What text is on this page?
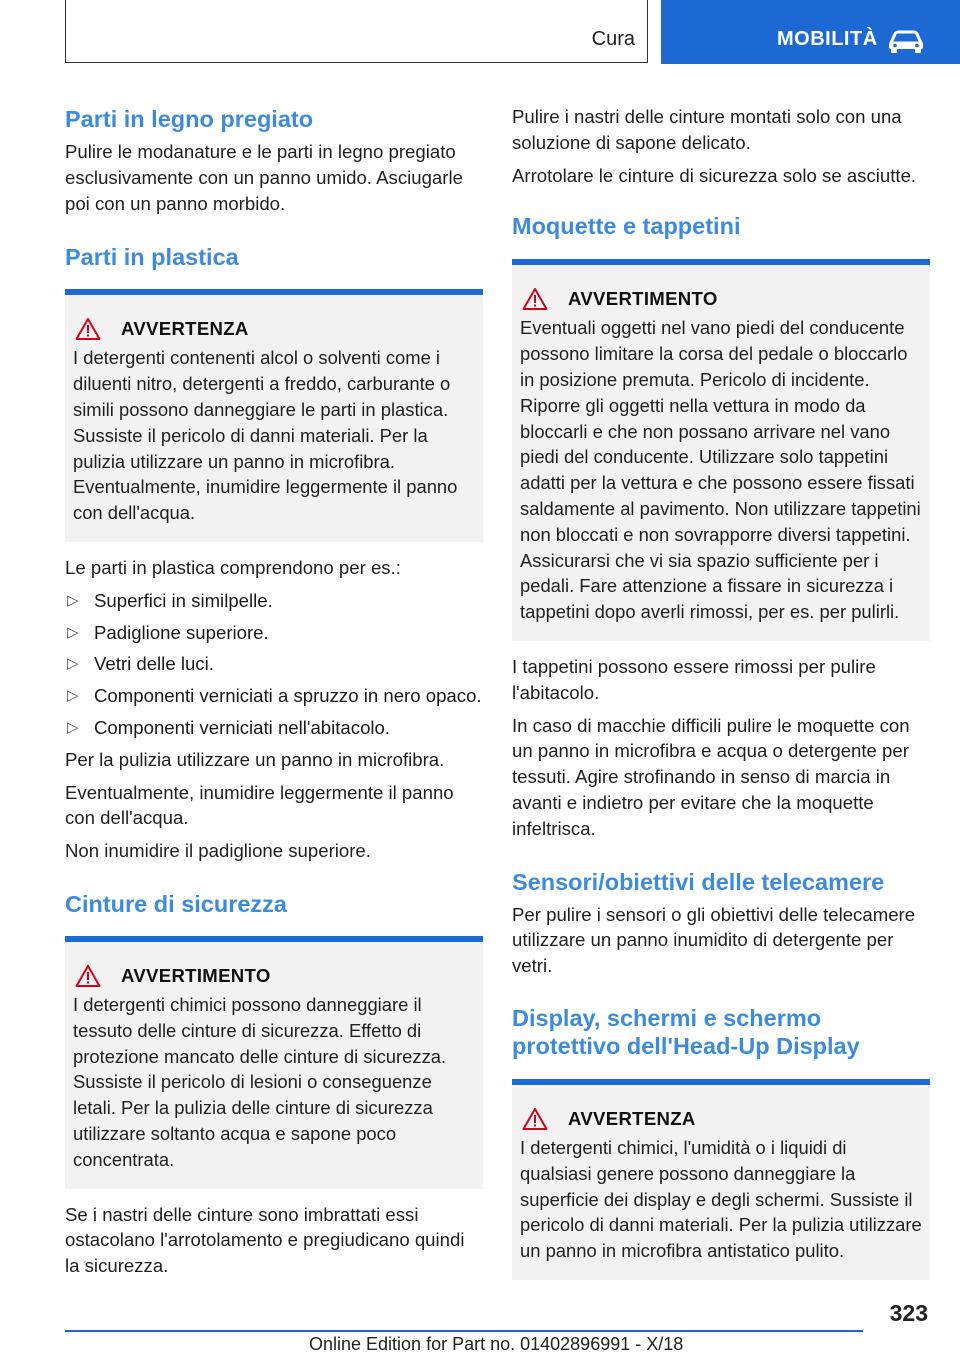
Cura	MOBILITÀ
Parti in legno pregiato

Pulire le modanature e le parti in legno pregiato esclusivamente con un panno umido. Asciugarle poi con un panno morbido.

Parti in plastica
AVVERTENZA

I detergenti contenenti alcol o solventi come i diluenti nitro, detergenti a freddo, carburante o simili possono danneggiare le parti in plastica. Sussiste il pericolo di danni materiali. Per la pulizia utilizzare un panno in microfibra. Eventualmente, inumidire leggermente il panno con dell'acqua.

Le parti in plastica comprendono per es.:

▷ Superfici in similpelle.
▷ Padiglione superiore.
▷ Vetri delle luci.
▷ Componenti verniciati a spruzzo in nero opaco.
▷ Componenti verniciati nell'abitacolo.

Per la pulizia utilizzare un panno in microfibra.

Eventualmente, inumidire leggermente il panno con dell'acqua.

Non inumidire il padiglione superiore.

Cinture di sicurezza
AVVERTIMENTO

I detergenti chimici possono danneggiare il tessuto delle cinture di sicurezza. Effetto di protezione mancato delle cinture di sicurezza. Sussiste il pericolo di lesioni o conseguenze letali. Per la pulizia delle cinture di sicurezza utilizzare soltanto acqua e sapone poco concentrata.

Se i nastri delle cinture sono imbrattati essi ostacolano l'arrotolamento e pregiudicano quindi la sicurezza.

Pulire i nastri delle cinture montati solo con una soluzione di sapone delicato.

Arrotolare le cinture di sicurezza solo se asciutte.

Moquette e tappetini
AVVERTIMENTO

Eventuali oggetti nel vano piedi del conducente possono limitare la corsa del pedale o bloccarlo in posizione premuta. Pericolo di incidente. Riporre gli oggetti nella vettura in modo da bloccarli e che non possano arrivare nel vano piedi del conducente. Utilizzare solo tappetini adatti per la vettura e che possono essere fissati saldamente al pavimento. Non utilizzare tappetini non bloccati e non sovrapporre diversi tappetini. Assicurarsi che vi sia spazio sufficiente per i pedali. Fare attenzione a fissare in sicurezza i tappetini dopo averli rimossi, per es. per pulirli.

I tappetini possono essere rimossi per pulire l'abitacolo.

In caso di macchie difficili pulire le moquette con un panno in microfibra e acqua o detergente per tessuti. Agire strofinando in senso di marcia in avanti e indietro per evitare che la moquette infeltrisca.

Sensori/obiettivi delle telecamere

Per pulire i sensori o gli obiettivi delle telecamere utilizzare un panno inumidito di detergente per vetri.

Display, schermi e schermo protettivo dell'Head-Up Display
AVVERTENZA

I detergenti chimici, l'umidità o i liquidi di qualsiasi genere possono danneggiare la superficie dei display e degli schermi. Sussiste il pericolo di danni materiali. Per la pulizia utilizzare un panno in microfibra antistatico pulito.

323
Online Edition for Part no. 01402896991 - X/18
